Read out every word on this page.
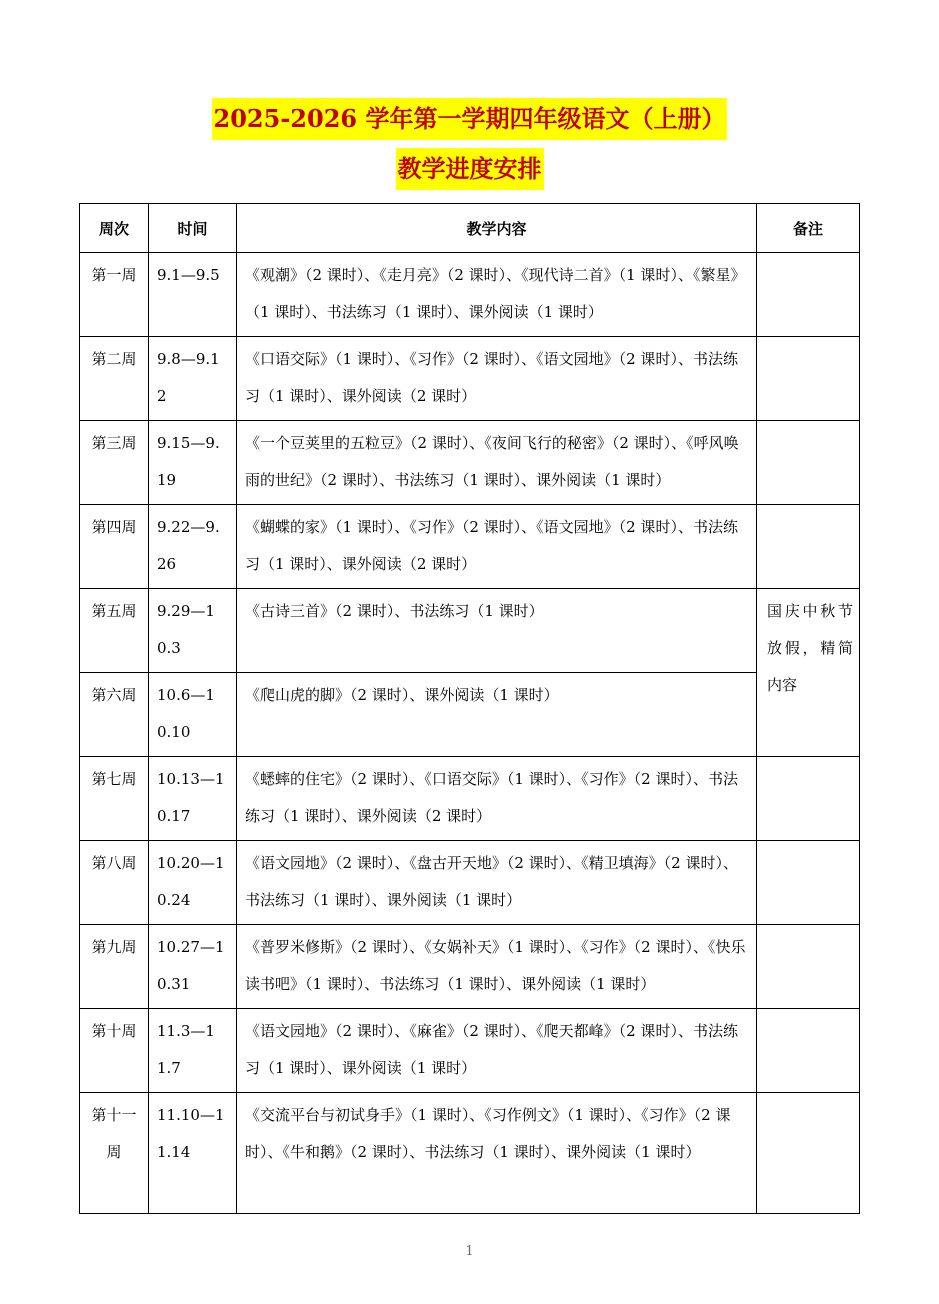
2025-2026 学年第一学期四年级语文（上册）
教学进度安排
周次	时间	教学内容	备注
第一周	9.1—9.5	《观潮》（2 课时）、《走月亮》（2 课时）、《现代诗二首》（1 课时）、《繁星》（1 课时）、书法练习（1 课时）、课外阅读（1 课时）	
第二周	9.8—9.12	《口语交际》（1 课时）、《习作》（2 课时）、《语文园地》（2 课时）、书法练习（1 课时）、课外阅读（2 课时）	
第三周	9.15—9.19	《一个豆荚里的五粒豆》（2 课时）、《夜间飞行的秘密》（2 课时）、《呼风唤雨的世纪》（2 课时）、书法练习（1 课时）、课外阅读（1 课时）	
第四周	9.22—9.26	《蝴蝶的家》（1 课时）、《习作》（2 课时）、《语文园地》（2 课时）、书法练习（1 课时）、课外阅读（2 课时）	
第五周	9.29—10.3	《古诗三首》（2 课时）、书法练习（1 课时）	国庆中秋节放假，精简内容
第六周	10.6—10.10	《爬山虎的脚》（2 课时）、课外阅读（1 课时）	
第七周	10.13—10.17	《蟋蟀的住宅》（2 课时）、《口语交际》（1 课时）、《习作》（2 课时）、书法练习（1 课时）、课外阅读（2 课时）	
第八周	10.20—10.24	《语文园地》（2 课时）、《盘古开天地》（2 课时）、《精卫填海》（2 课时）、书法练习（1 课时）、课外阅读（1 课时）	
第九周	10.27—10.31	《普罗米修斯》（2 课时）、《女娲补天》（1 课时）、《习作》（2 课时）、《快乐读书吧》（1 课时）、书法练习（1 课时）、课外阅读（1 课时）	
第十周	11.3—11.7	《语文园地》（2 课时）、《麻雀》（2 课时）、《爬天都峰》（2 课时）、书法练习（1 课时）、课外阅读（1 课时）	
第十一周	11.10—11.14	《交流平台与初试身手》（1 课时）、《习作例文》（1 课时）、《习作》（2 课时）、《牛和鹅》（2 课时）、书法练习（1 课时）、课外阅读（1 课时）	
1
